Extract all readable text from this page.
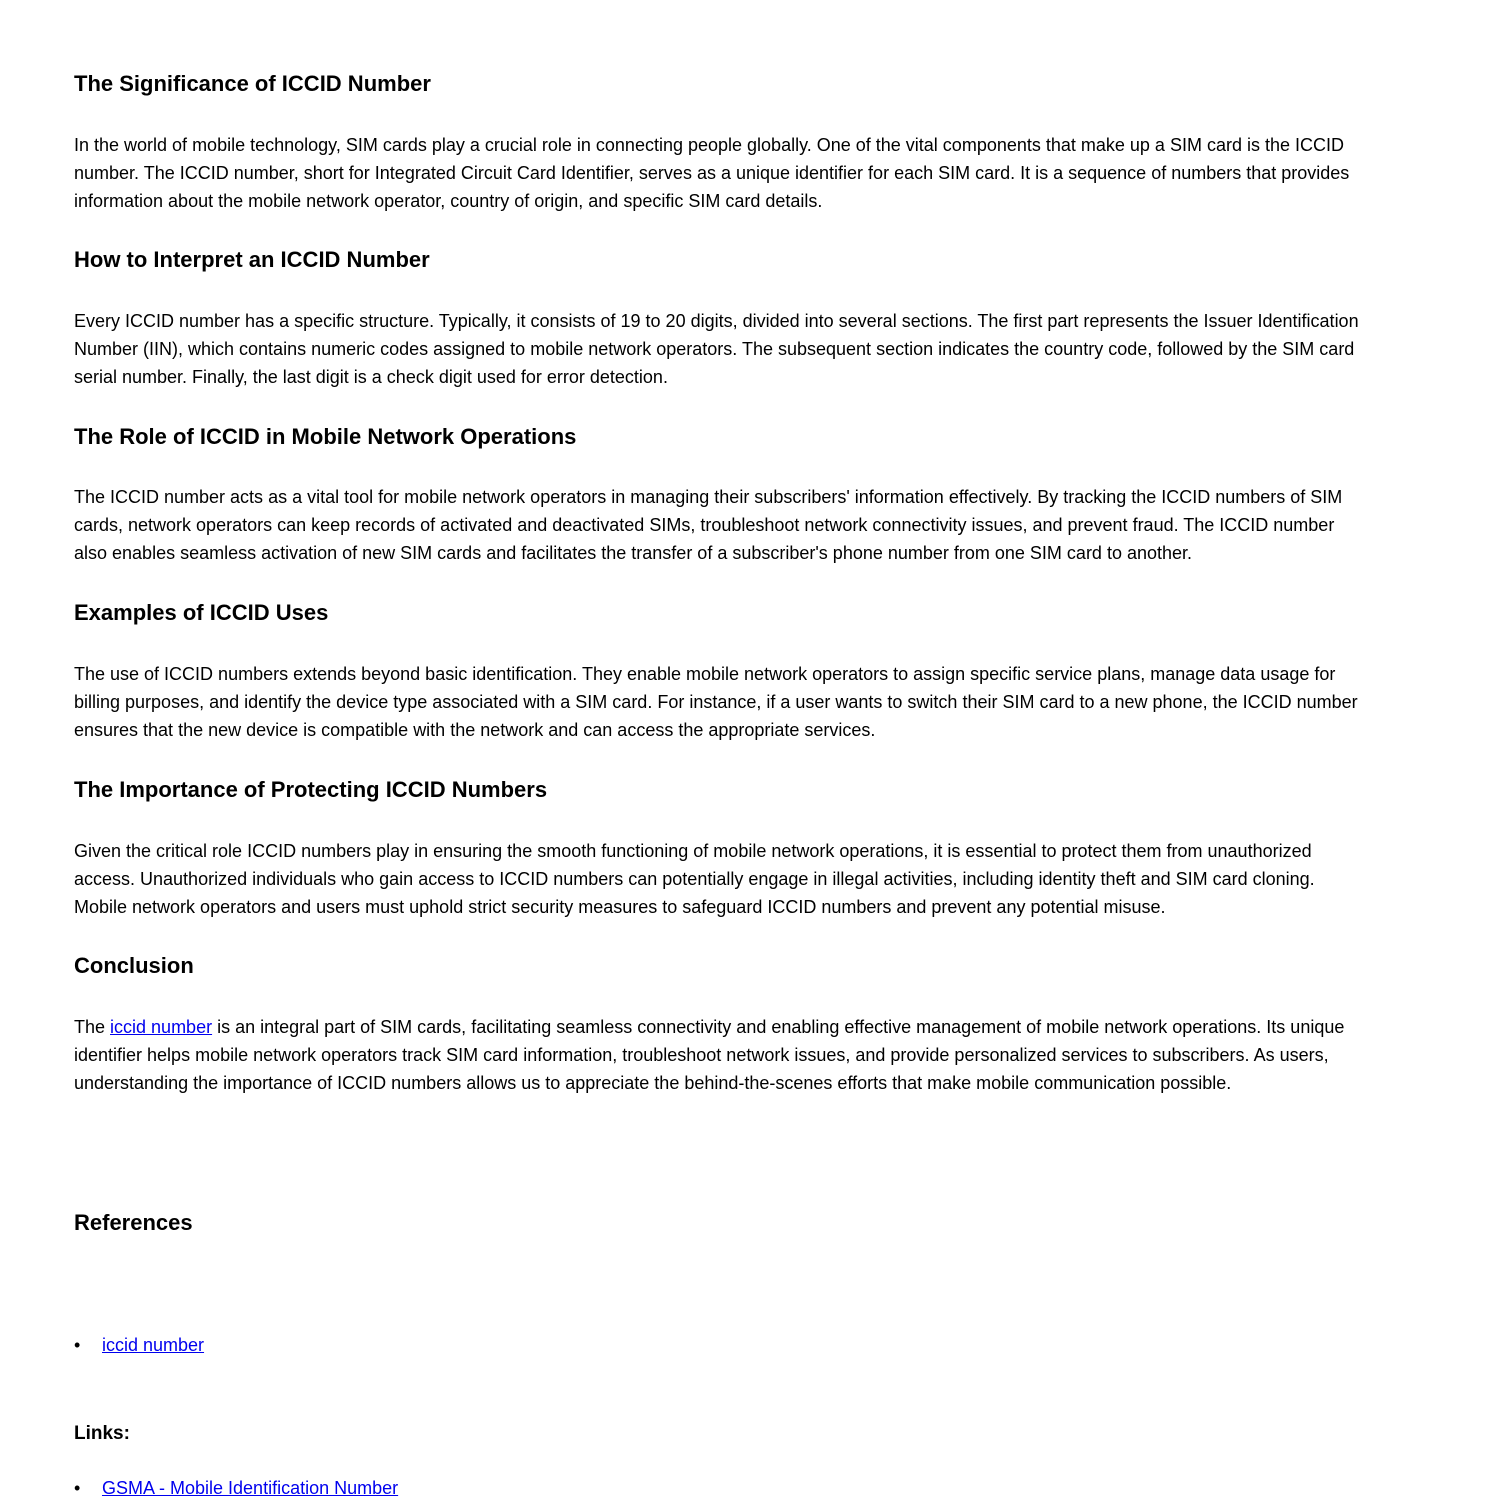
The Significance of ICCID Number

In the world of mobile technology, SIM cards play a crucial role in connecting people globally. One of the vital components that make up a SIM card is the ICCID
number. The ICCID number, short for Integrated Circuit Card Identifier, serves as a unique identifier for each SIM card. It is a sequence of numbers that provides
information about the mobile network operator, country of origin, and specific SIM card details.

How to Interpret an ICCID Number

Every ICCID number has a specific structure. Typically, it consists of 19 to 20 digits, divided into several sections. The first part represents the Issuer Identification
Number (IIN), which contains numeric codes assigned to mobile network operators. The subsequent section indicates the country code, followed by the SIM card
serial number. Finally, the last digit is a check digit used for error detection.

The Role of ICCID in Mobile Network Operations

The ICCID number acts as a vital tool for mobile network operators in managing their subscribers' information effectively. By tracking the ICCID numbers of SIM
cards, network operators can keep records of activated and deactivated SIMs, troubleshoot network connectivity issues, and prevent fraud. The ICCID number
also enables seamless activation of new SIM cards and facilitates the transfer of a subscriber's phone number from one SIM card to another.

Examples of ICCID Uses

The use of ICCID numbers extends beyond basic identification. They enable mobile network operators to assign specific service plans, manage data usage for
billing purposes, and identify the device type associated with a SIM card. For instance, if a user wants to switch their SIM card to a new phone, the ICCID number
ensures that the new device is compatible with the network and can access the appropriate services.

The Importance of Protecting ICCID Numbers

Given the critical role ICCID numbers play in ensuring the smooth functioning of mobile network operations, it is essential to protect them from unauthorized
access. Unauthorized individuals who gain access to ICCID numbers can potentially engage in illegal activities, including identity theft and SIM card cloning.
Mobile network operators and users must uphold strict security measures to safeguard ICCID numbers and prevent any potential misuse.

Conclusion

The iccid number is an integral part of SIM cards, facilitating seamless connectivity and enabling effective management of mobile network operations. Its unique
identifier helps mobile network operators track SIM card information, troubleshoot network issues, and provide personalized services to subscribers. As users,
understanding the importance of ICCID numbers allows us to appreciate the behind-the-scenes efforts that make mobile communication possible.

References
• iccid number
Links:
• GSMA - Mobile Identification Number
